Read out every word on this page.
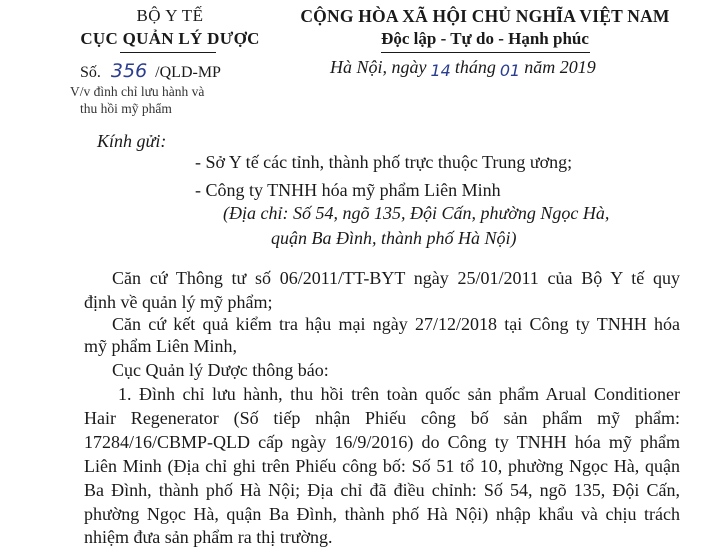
BỘ Y TẾ
CỤC QUẢN LÝ DƯỢC
Số. 356 /QLD-MP
V/v đình chỉ lưu hành và
thu hồi mỹ phẩm
CỘNG HÒA XÃ HỘI CHỦ NGHĨA VIỆT NAM
Độc lập - Tự do - Hạnh phúc
Hà Nội, ngày 14 tháng 01 năm 2019
Kính gửi:
- Sở Y tế các tỉnh, thành phố trực thuộc Trung ương;
- Công ty TNHH hóa mỹ phẩm Liên Minh
(Địa chỉ: Số 54, ngõ 135, Đội Cấn, phường Ngọc Hà,
quận Ba Đình, thành phố Hà Nội)
Căn cứ Thông tư số 06/2011/TT-BYT ngày 25/01/2011 của Bộ Y tế quy
định về quản lý mỹ phẩm;
Căn cứ kết quả kiểm tra hậu mại ngày 27/12/2018 tại Công ty TNHH hóa
mỹ phẩm Liên Minh,
Cục Quản lý Dược thông báo:
1. Đình chỉ lưu hành, thu hồi trên toàn quốc sản phẩm Arual Conditioner
Hair Regenerator (Số tiếp nhận Phiếu công bố sản phẩm mỹ phẩm:
17284/16/CBMP-QLD cấp ngày 16/9/2016) do Công ty TNHH hóa mỹ phẩm
Liên Minh (Địa chỉ ghi trên Phiếu công bố: Số 51 tổ 10, phường Ngọc Hà, quận
Ba Đình, thành phố Hà Nội; Địa chỉ đã điều chỉnh: Số 54, ngõ 135, Đội Cấn,
phường Ngọc Hà, quận Ba Đình, thành phố Hà Nội) nhập khẩu và chịu trách
nhiệm đưa sản phẩm ra thị trường.
